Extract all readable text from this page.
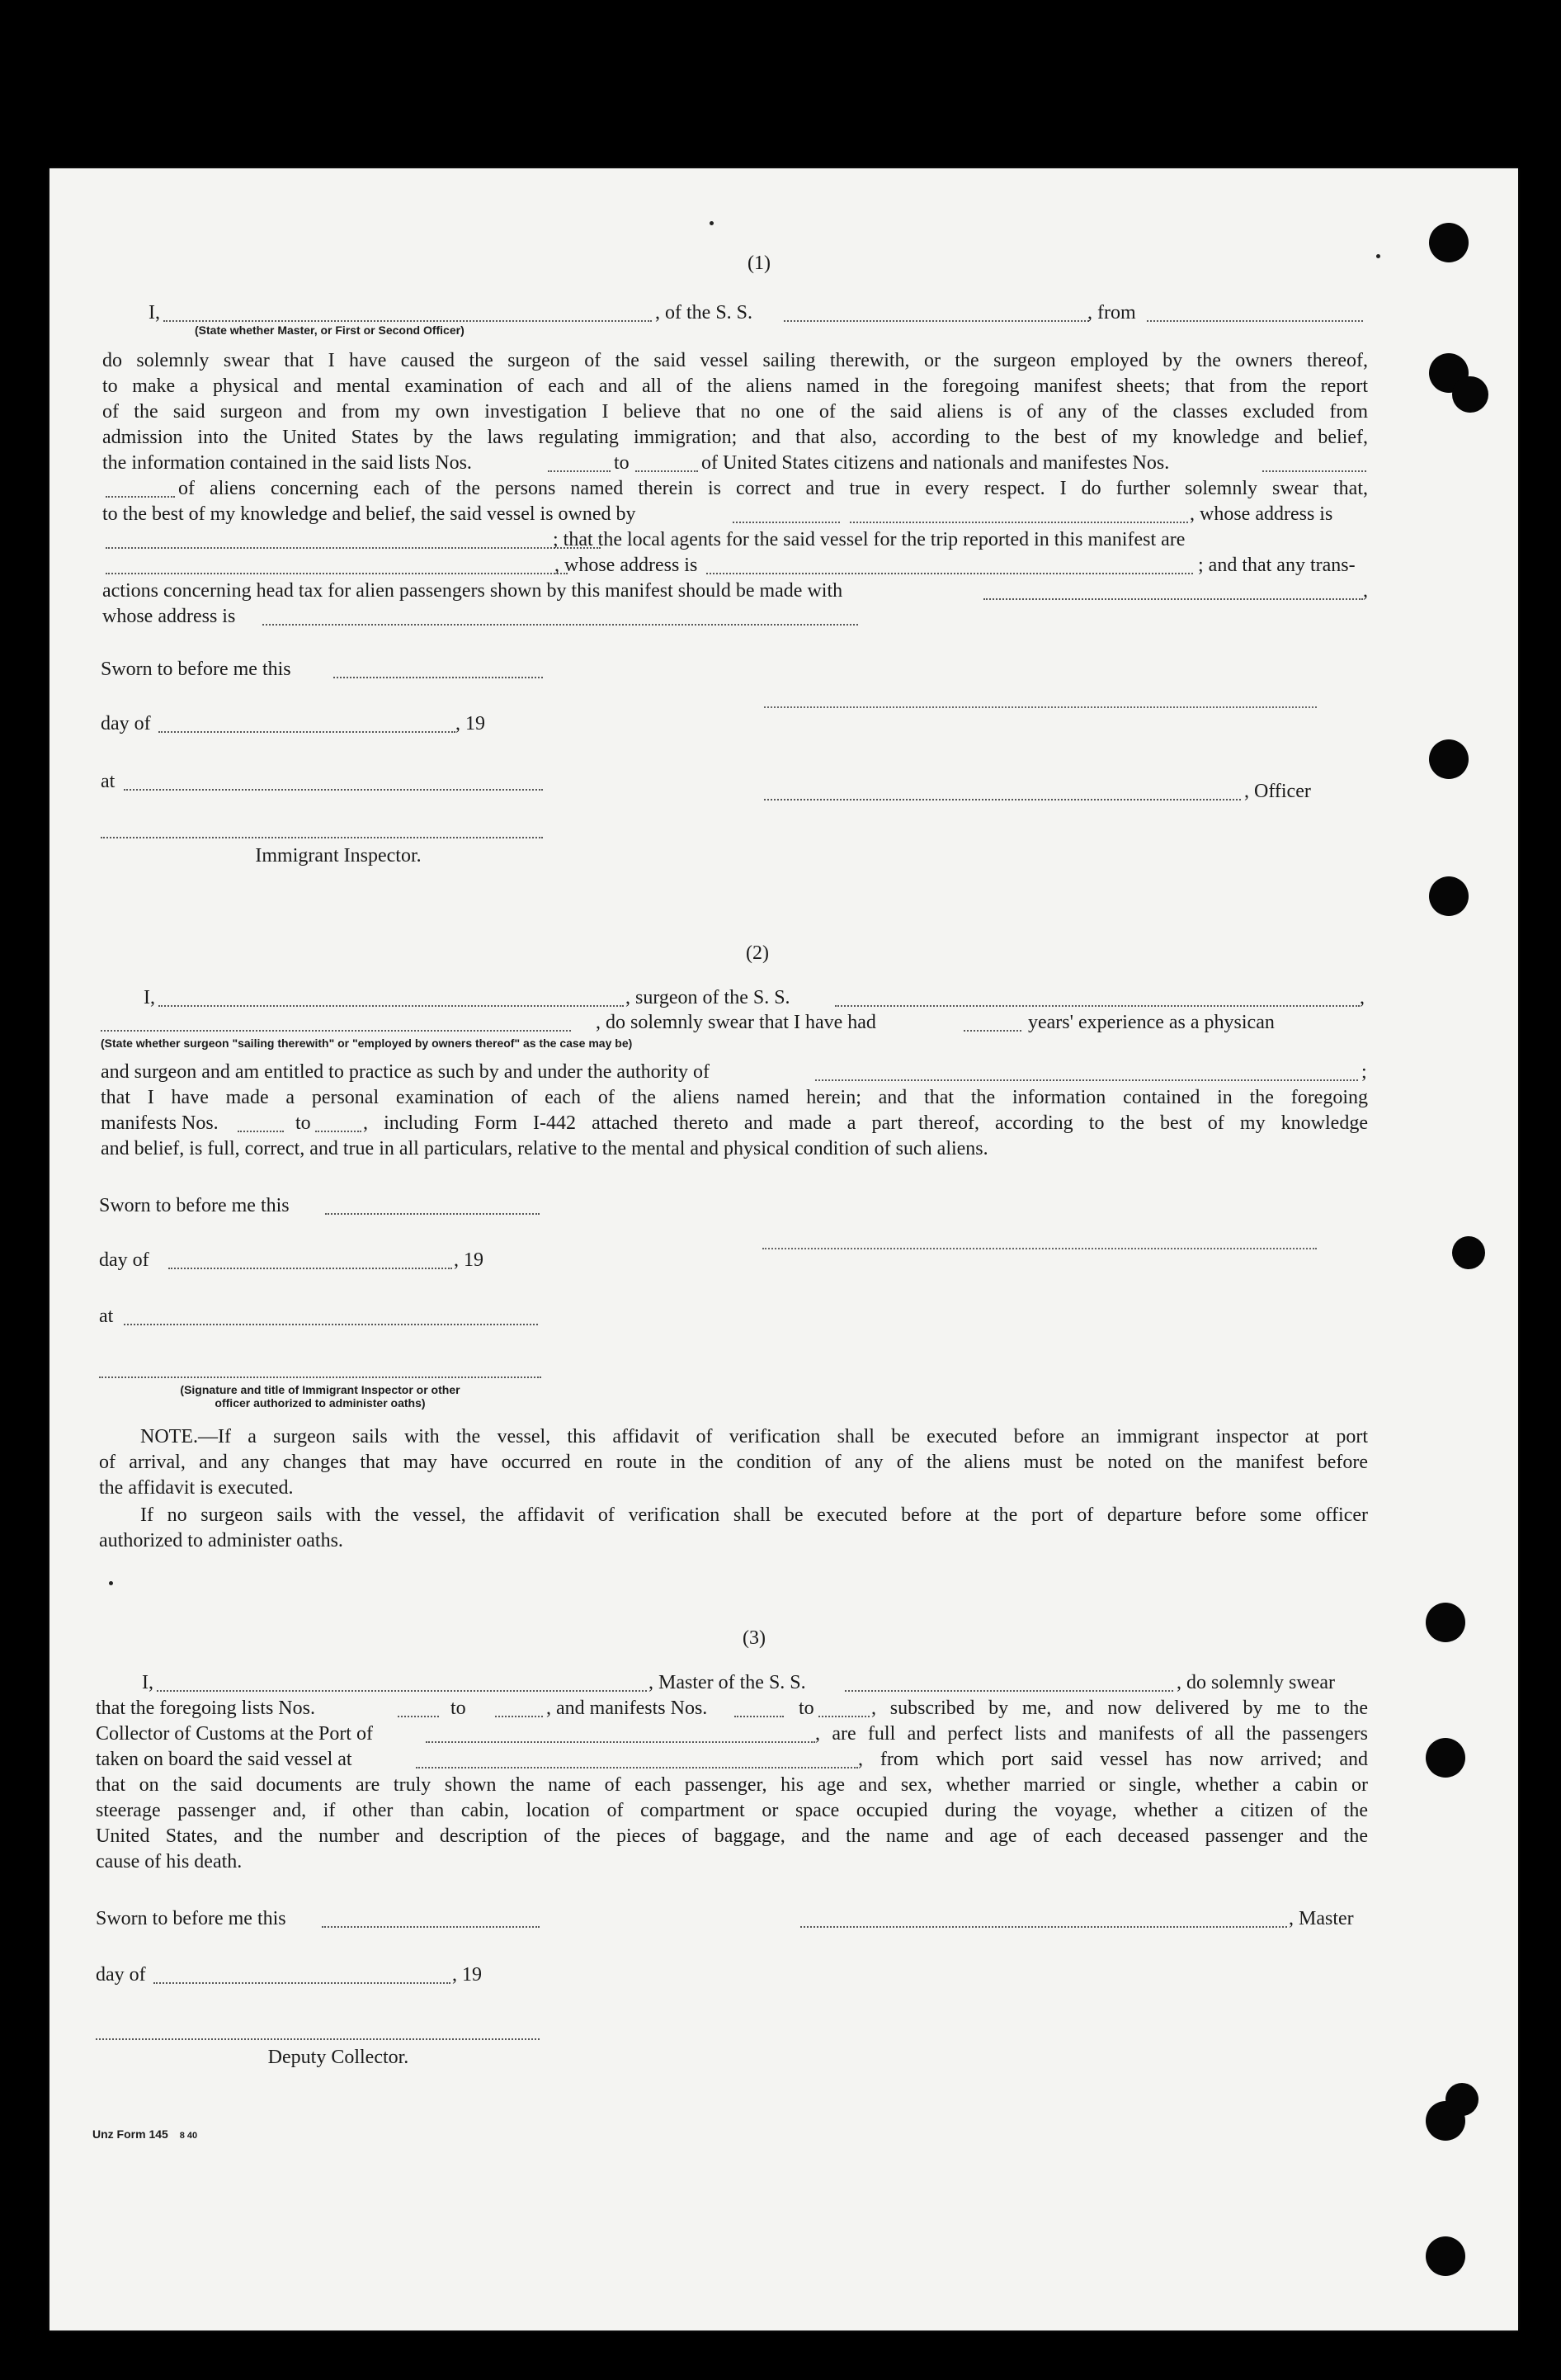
(1)
I,	, of the S. S.	, from
(State whether Master, or First or Second Officer)
do solemnly swear that I have caused the surgeon of the said vessel sailing therewith, or the surgeon employed by the owners thereof,
to make a physical and mental examination of each and all of the aliens named in the foregoing manifest sheets; that from the report
of the said surgeon and from my own investigation I believe that no one of the said aliens is of any of the classes excluded from
admission into the United States by the laws regulating immigration; and that also, according to the best of my knowledge and belief,
the information contained in the said lists Nos.	to	of United States citizens and nationals and manifestes Nos.
of aliens concerning each of the persons named therein is correct and true in every respect. I do further solemnly swear that,
to the best of my knowledge and belief, the said vessel is owned by	, whose address is
; that the local agents for the said vessel for the trip reported in this manifest are
, whose address is	; and that any trans-
actions concerning head tax for alien passengers shown by this manifest should be made with	,
whose address is
Sworn to before me this
day of	, 19
at	, Officer
Immigrant Inspector.
(2)
I,	, surgeon of the S. S.	,
, do solemnly swear that I have had	years' experience as a physican
(State whether surgeon "sailing therewith" or "employed by owners thereof" as the case may be)
and surgeon and am entitled to practice as such by and under the authority of	;
that I have made a personal examination of each of the aliens named herein; and that the information contained in the foregoing
manifests Nos.	to	, including Form I-442 attached thereto and made a part thereof, according to the best of my knowledge
and belief, is full, correct, and true in all particulars, relative to the mental and physical condition of such aliens.
Sworn to before me this
day of	, 19
at
(Signature and title of Immigrant Inspector or other
officer authorized to administer oaths)
NOTE.—If a surgeon sails with the vessel, this affidavit of verification shall be executed before an immigrant inspector at port
of arrival, and any changes that may have occurred en route in the condition of any of the aliens must be noted on the manifest before
the affidavit is executed.
If no surgeon sails with the vessel, the affidavit of verification shall be executed before at the port of departure before some officer
authorized to administer oaths.
(3)
I,	, Master of the S. S.	, do solemnly swear
that the foregoing lists Nos.	to	, and manifests Nos.	to	, subscribed by me, and now delivered by me to the
Collector of Customs at the Port of	, are full and perfect lists and manifests of all the passengers
taken on board the said vessel at	, from which port said vessel has now arrived; and
that on the said documents are truly shown the name of each passenger, his age and sex, whether married or single, whether a cabin or
steerage passenger and, if other than cabin, location of compartment or space occupied during the voyage, whether a citizen of the
United States, and the number and description of the pieces of baggage, and the name and age of each deceased passenger and the
cause of his death.
Sworn to before me this	, Master
day of	, 19
Deputy Collector.
Unz Form 145 8 40
